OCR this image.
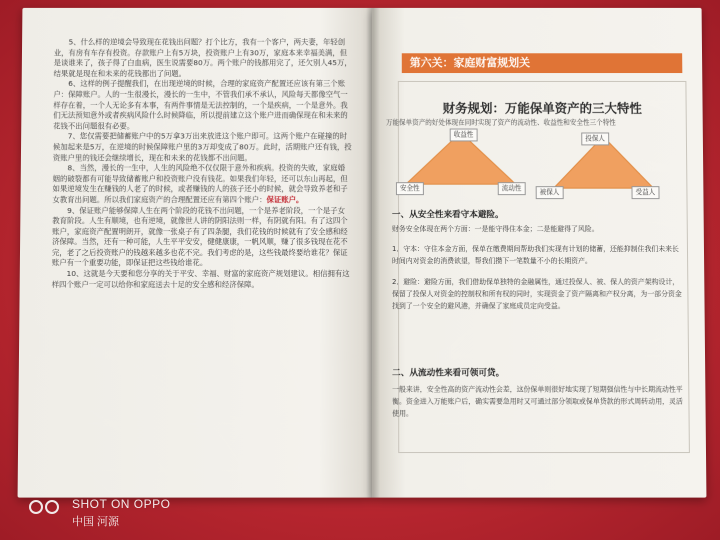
5、什么样的逆境会导致现在花钱出问题？打个比方，我有一个客户，两夫妻，年轻创业，有房有车存有投资。存款账户上有5万块，投资账户上有30万，家庭本来幸福美满，但是谈谁来了，孩子得了白血病，医生说需要80万。两个账户的钱都用完了，还欠别人45万，结果就是现在和未来的花钱都出了问题。

6、这样的例子提醒我们，在出现逆境的时候，合理的家庭资产配置还应该有第三个账户：保障账户。人的一生很漫长，漫长的一生中，不管我们承不承认，风险每天都像空气一样存在着，一个人无论多有本事，有两件事情是无法控制的，一个是疾病，一个是意外。我们无法预知意外或者疾病风险什么时候降临，所以提前建立这个账户进而确保现在和未来的花钱不出问题很有必要。

7、您仅需要把储蓄账户中的5万拿3万出来放进这个账户即可。这两个账户在碰撞的时候加起来是5万，在逆境的时候保障账户里的3万却变成了80万。此时，活期账户还有钱，投资账户里的钱还会继续增长，现在和未来的花钱都不出问题。

8、当然，漫长的一生中，人生的风险绝不仅仅限于意外和疾病。投资的失败，家庭婚姻的破裂都有可能导致储蓄账户和投资账户没有钱花。如果我们年轻，还可以东山再起，但如果逆境发生在赚钱的人老了的时候，或者赚钱的人的孩子还小的时候，就会导致养老和子女教育出问题。所以我们家庭资产的合理配置还应有第四个账户：保证账户。

9、保证账户能够保障人生在两个阶段的花钱不出问题，一个是养老阶段，一个是子女教育阶段。人生有顺境，也有逆境，就像世人讲的阴阳法则一样，有阴就有阳。有了这四个账户，家庭资产配置明朗开，就像一张桌子有了四条腿，我们花钱的时候就有了安全感和经济保障。当然，还有一种可能，人生平平安安，健健康康，一帆风顺，赚了很多钱现在花不完，老了之后投资账户的钱越来越多也花不完。我们考虑的是，这些钱最终要给谁花？保证账户有一个重要功能，即保证把这些钱给谁花。

10、这就是今天要和您分享的关于平安、幸福、财富的家庭资产规划建议。相信拥有这样四个账户一定可以给你和家庭送去十足的安全感和经济保障。

第六关：家庭财富规划关
财务规划：万能保单资产的三大特性
万能保单资产的好处体现在同时实现了资产的流动性、收益性和安全性三个特性
收益性
安全性	流动性
投保人
被保人	受益人
一、从安全性来看守本避险。
财务安全体现在两个方面：一是能守得住本金；二是能避得了风险。
1．守本：守住本金方面，保单在缴费期间帮助我们实现有计划的储蓄，还能抑制住我们未来长时间内对资金的消费欲望，帮我们攒下一笔数量不小的长期资产。
2．避险：避险方面，我们借助保单独特的金融属性，通过投保人、被、保人的资产架构设计，保留了投保人对资金的控制权和所有权的同时，实现资金了资产隔离和产权分离，为一部分资金找到了一个安全的避风港，并确保了家庭成员定向受益。
二、从流动性来看可领可贷。
一般来讲，安全性高的资产流动性会差，这份保单则很好地实现了短期强信性与中长期流动性平衡。资金进入万能账户后，确实需要急用时又可通过部分领取或保单贷款的形式周转动用，灵活使用。
SHOT ON OPPO
中国 河源
